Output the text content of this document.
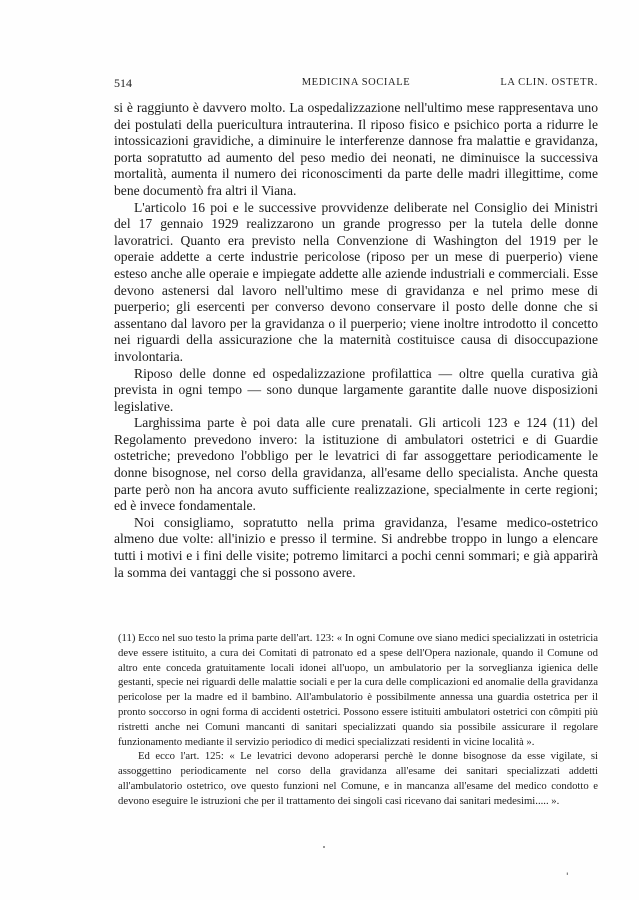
514	MEDICINA SOCIALE	LA CLIN. OSTETR.

si è raggiunto è davvero molto. La ospedalizzazione nell'ultimo mese rappresentava uno dei postulati della puericultura intrauterina. Il riposo fisico e psichico porta a ridurre le intossicazioni gravidiche, a diminuire le interferenze dannose fra malattie e gravidanza, porta sopratutto ad aumento del peso medio dei neonati, ne diminuisce la successiva mortalità, aumenta il numero dei riconoscimenti da parte delle madri illegittime, come bene documentò fra altri il Viana.

L'articolo 16 poi e le successive provvidenze deliberate nel Consiglio dei Ministri del 17 gennaio 1929 realizzarono un grande progresso per la tutela delle donne lavoratrici. Quanto era previsto nella Convenzione di Washington del 1919 per le operaie addette a certe industrie pericolose (riposo per un mese di puerperio) viene esteso anche alle operaie e impiegate addette alle aziende industriali e commerciali. Esse devono astenersi dal lavoro nell'ultimo mese di gravidanza e nel primo mese di puerperio; gli esercenti per converso devono conservare il posto delle donne che si assentano dal lavoro per la gravidanza o il puerperio; viene inoltre introdotto il concetto nei riguardi della assicurazione che la maternità costituisce causa di disoccupazione involontaria.

Riposo delle donne ed ospedalizzazione profilattica — oltre quella curativa già prevista in ogni tempo — sono dunque largamente garantite dalle nuove disposizioni legislative.

Larghissima parte è poi data alle cure prenatali. Gli articoli 123 e 124 (11) del Regolamento prevedono invero: la istituzione di ambulatori ostetrici e di Guardie ostetriche; prevedono l'obbligo per le levatrici di far assoggettare periodicamente le donne bisognose, nel corso della gravidanza, all'esame dello specialista. Anche questa parte però non ha ancora avuto sufficiente realizzazione, specialmente in certe regioni; ed è invece fondamentale.

Noi consigliamo, sopratutto nella prima gravidanza, l'esame medico-ostetrico almeno due volte: all'inizio e presso il termine. Si andrebbe troppo in lungo a elencare tutti i motivi e i fini delle visite; potremo limitarci a pochi cenni sommari; e già apparirà la somma dei vantaggi che si possono avere.

(11) Ecco nel suo testo la prima parte dell'art. 123: « In ogni Comune ove siano medici specializzati in ostetricia deve essere istituito, a cura dei Comitati di patronato ed a spese dell'Opera nazionale, quando il Comune od altro ente conceda gratuitamente locali idonei all'uopo, un ambulatorio per la sorveglianza igienica delle gestanti, specie nei riguardi delle malattie sociali e per la cura delle complicazioni ed anomalie della gravidanza pericolose per la madre ed il bambino. All'ambulatorio è possibilmente annessa una guardia ostetrica per il pronto soccorso in ogni forma di accidenti ostetrici. Possono essere istituiti ambulatori ostetrici con cômpiti più ristretti anche nei Comuni mancanti di sanitari specializzati quando sia possibile assicurare il regolare funzionamento mediante il servizio periodico di medici specializzati residenti in vicine località ».

Ed ecco l'art. 125: « Le levatrici devono adoperarsi perchè le donne bisognose da esse vigilate, si assoggettino periodicamente nel corso della gravidanza all'esame dei sanitari specializzati addetti all'ambulatorio ostetrico, ove questo funzioni nel Comune, e in mancanza all'esame del medico condotto e devono eseguire le istruzioni che per il trattamento dei singoli casi ricevano dai sanitari medesimi..... ».

'
